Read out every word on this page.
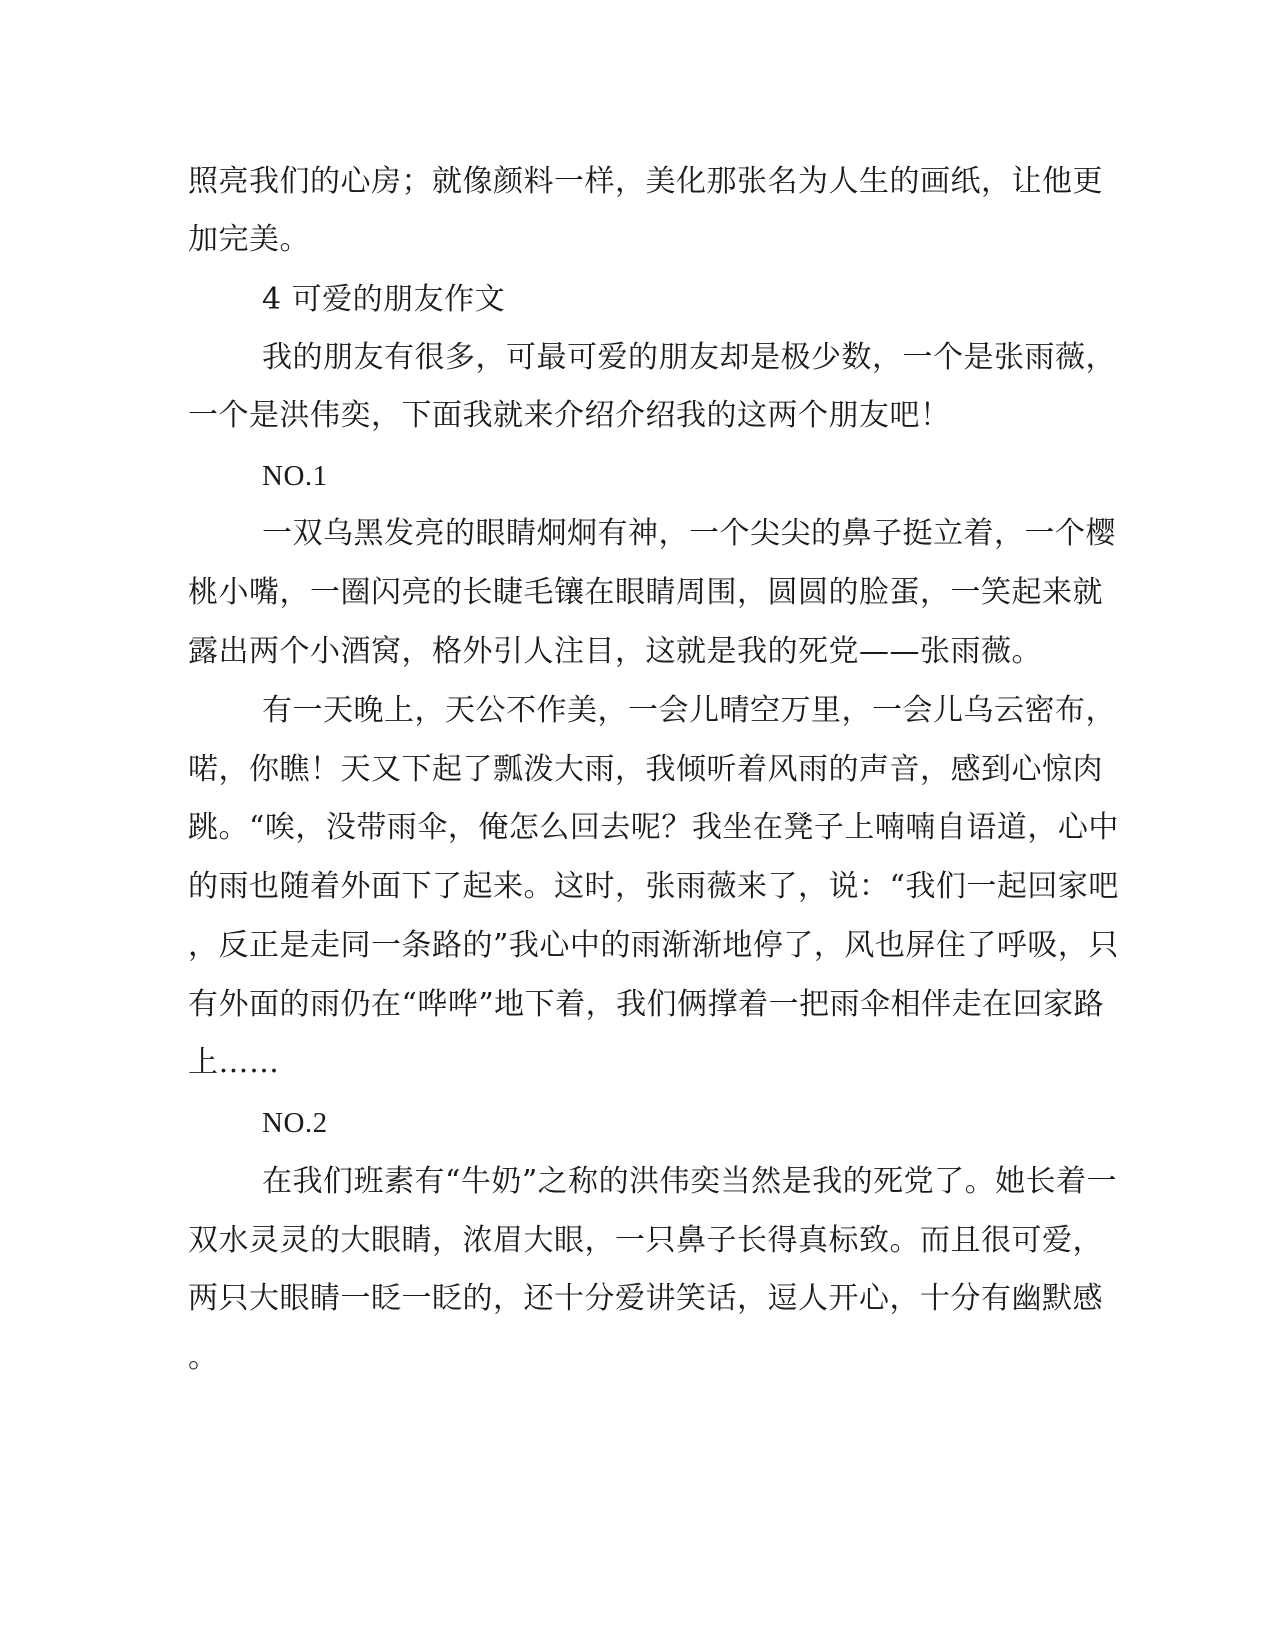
照亮我们的心房；就像颜料一样，美化那张名为人生的画纸，让他更
加完美。
4 可爱的朋友作文
我的朋友有很多，可最可爱的朋友却是极少数，一个是张雨薇，
一个是洪伟奕，下面我就来介绍介绍我的这两个朋友吧！
NO.1
一双乌黑发亮的眼睛炯炯有神，一个尖尖的鼻子挺立着，一个樱
桃小嘴，一圈闪亮的长睫毛镶在眼睛周围，圆圆的脸蛋，一笑起来就
露出两个小酒窝，格外引人注目，这就是我的死党——张雨薇。
有一天晚上，天公不作美，一会儿晴空万里，一会儿乌云密布，
喏，你瞧！天又下起了瓢泼大雨，我倾听着风雨的声音，感到心惊肉
跳。“唉，没带雨伞，俺怎么回去呢？我坐在凳子上喃喃自语道，心中
的雨也随着外面下了起来。这时，张雨薇来了，说：“我们一起回家吧
，反正是走同一条路的”我心中的雨渐渐地停了，风也屏住了呼吸，只
有外面的雨仍在“哗哗”地下着，我们俩撑着一把雨伞相伴走在回家路
上……
NO.2
在我们班素有“牛奶”之称的洪伟奕当然是我的死党了。她长着一
双水灵灵的大眼睛，浓眉大眼，一只鼻子长得真标致。而且很可爱，
两只大眼睛一眨一眨的，还十分爱讲笑话，逗人开心，十分有幽默感
。
